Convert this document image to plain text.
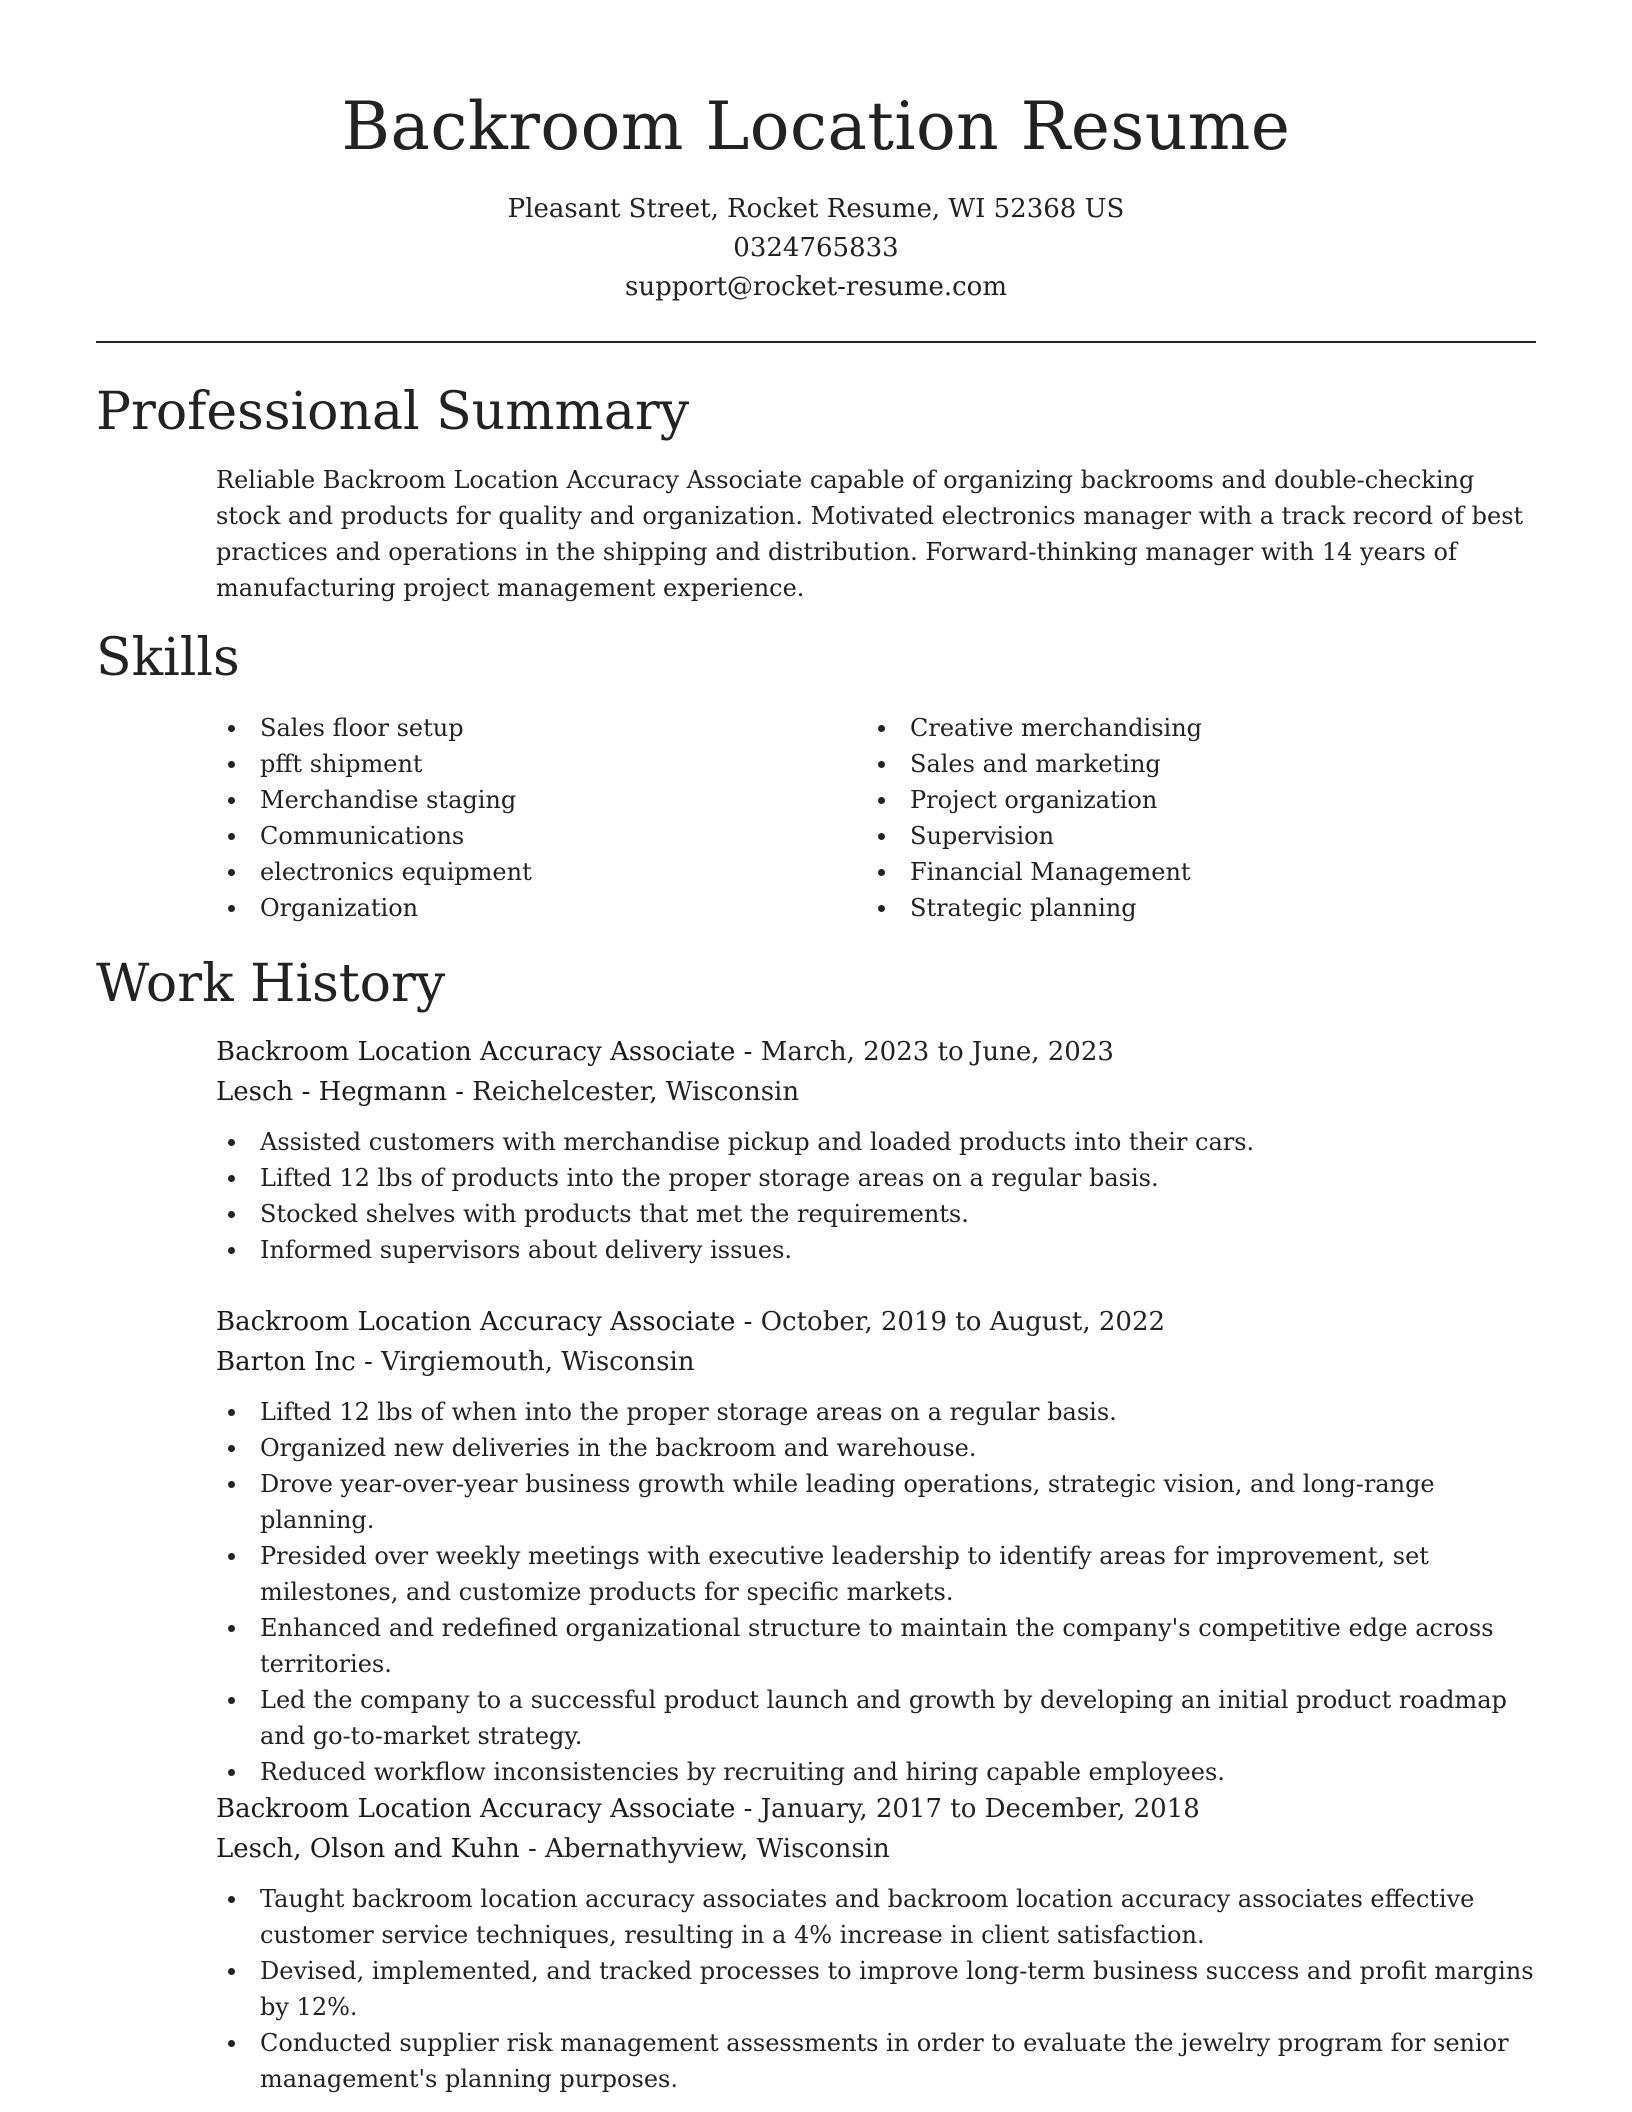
Backroom Location Resume
Pleasant Street, Rocket Resume, WI 52368 US
0324765833
support@rocket-resume.com
Professional Summary

Reliable Backroom Location Accuracy Associate capable of organizing backrooms and double-checking stock and products for quality and organization. Motivated electronics manager with a track record of best practices and operations in the shipping and distribution. Forward-thinking manager with 14 years of manufacturing project management experience.

Skills
Sales floor setup
pfft shipment
Merchandise staging
Communications
electronics equipment
Organization
Creative merchandising
Sales and marketing
Project organization
Supervision
Financial Management
Strategic planning
Work History
Backroom Location Accuracy Associate - March, 2023 to June, 2023
Lesch - Hegmann - Reichelcester, Wisconsin
Assisted customers with merchandise pickup and loaded products into their cars.
Lifted 12 lbs of products into the proper storage areas on a regular basis.
Stocked shelves with products that met the requirements.
Informed supervisors about delivery issues.
Backroom Location Accuracy Associate - October, 2019 to August, 2022
Barton Inc - Virgiemouth, Wisconsin
Lifted 12 lbs of when into the proper storage areas on a regular basis.
Organized new deliveries in the backroom and warehouse.
Drove year-over-year business growth while leading operations, strategic vision, and long-range planning.
Presided over weekly meetings with executive leadership to identify areas for improvement, set milestones, and customize products for specific markets.
Enhanced and redefined organizational structure to maintain the company's competitive edge across territories.
Led the company to a successful product launch and growth by developing an initial product roadmap and go-to-market strategy.
Reduced workflow inconsistencies by recruiting and hiring capable employees.
Backroom Location Accuracy Associate - January, 2017 to December, 2018
Lesch, Olson and Kuhn - Abernathyview, Wisconsin
Taught backroom location accuracy associates and backroom location accuracy associates effective customer service techniques, resulting in a 4% increase in client satisfaction.
Devised, implemented, and tracked processes to improve long-term business success and profit margins by 12%.
Conducted supplier risk management assessments in order to evaluate the jewelry program for senior management's planning purposes.
